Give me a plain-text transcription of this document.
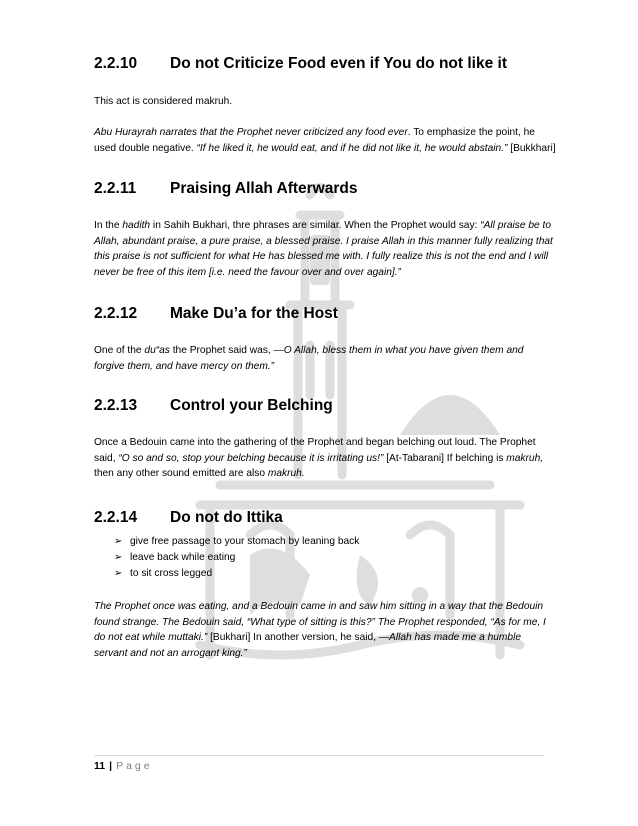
2.2.10 Do not Criticize Food even if You do not like it
This act is considered makruh.
Abu Hurayrah narrates that the Prophet never criticized any food ever. To emphasize the point, he used double negative. “If he liked it, he would eat, and if he did not like it, he would abstain.” [Bukkhari]
2.2.11 Praising Allah Afterwards
In the hadith in Sahih Bukhari, thre phrases are similar. When the Prophet would say: “All praise be to Allah, abundant praise, a pure praise, a blessed praise. I praise Allah in this manner fully realizing that this praise is not sufficient for what He has blessed me with. I fully realize this is not the end and I will never be free of this item [i.e. need the favour over and over again].”
2.2.12 Make Du’a for the Host
One of the du“as the Prophet said was, —O Allah, bless them in what you have given them and forgive them, and have mercy on them.”
2.2.13 Control your Belching
Once a Bedouin came into the gathering of the Prophet and began belching out loud. The Prophet said, “O so and so, stop your belching because it is irritating us!” [At-Tabarani] If belching is makruh, then any other sound emitted are also makruh.
2.2.14 Do not do Ittika
➢ give free passage to your stomach by leaning back
➢ leave back while eating
➢ to sit cross legged
The Prophet once was eating, and a Bedouin came in and saw him sitting in a way that the Bedouin found strange. The Bedouin said, “What type of sitting is this?” The Prophet responded, “As for me, I do not eat while muttaki.” [Bukhari] In another version, he said, —Allah has made me a humble servant and not an arrogant king.”
11 | Page
